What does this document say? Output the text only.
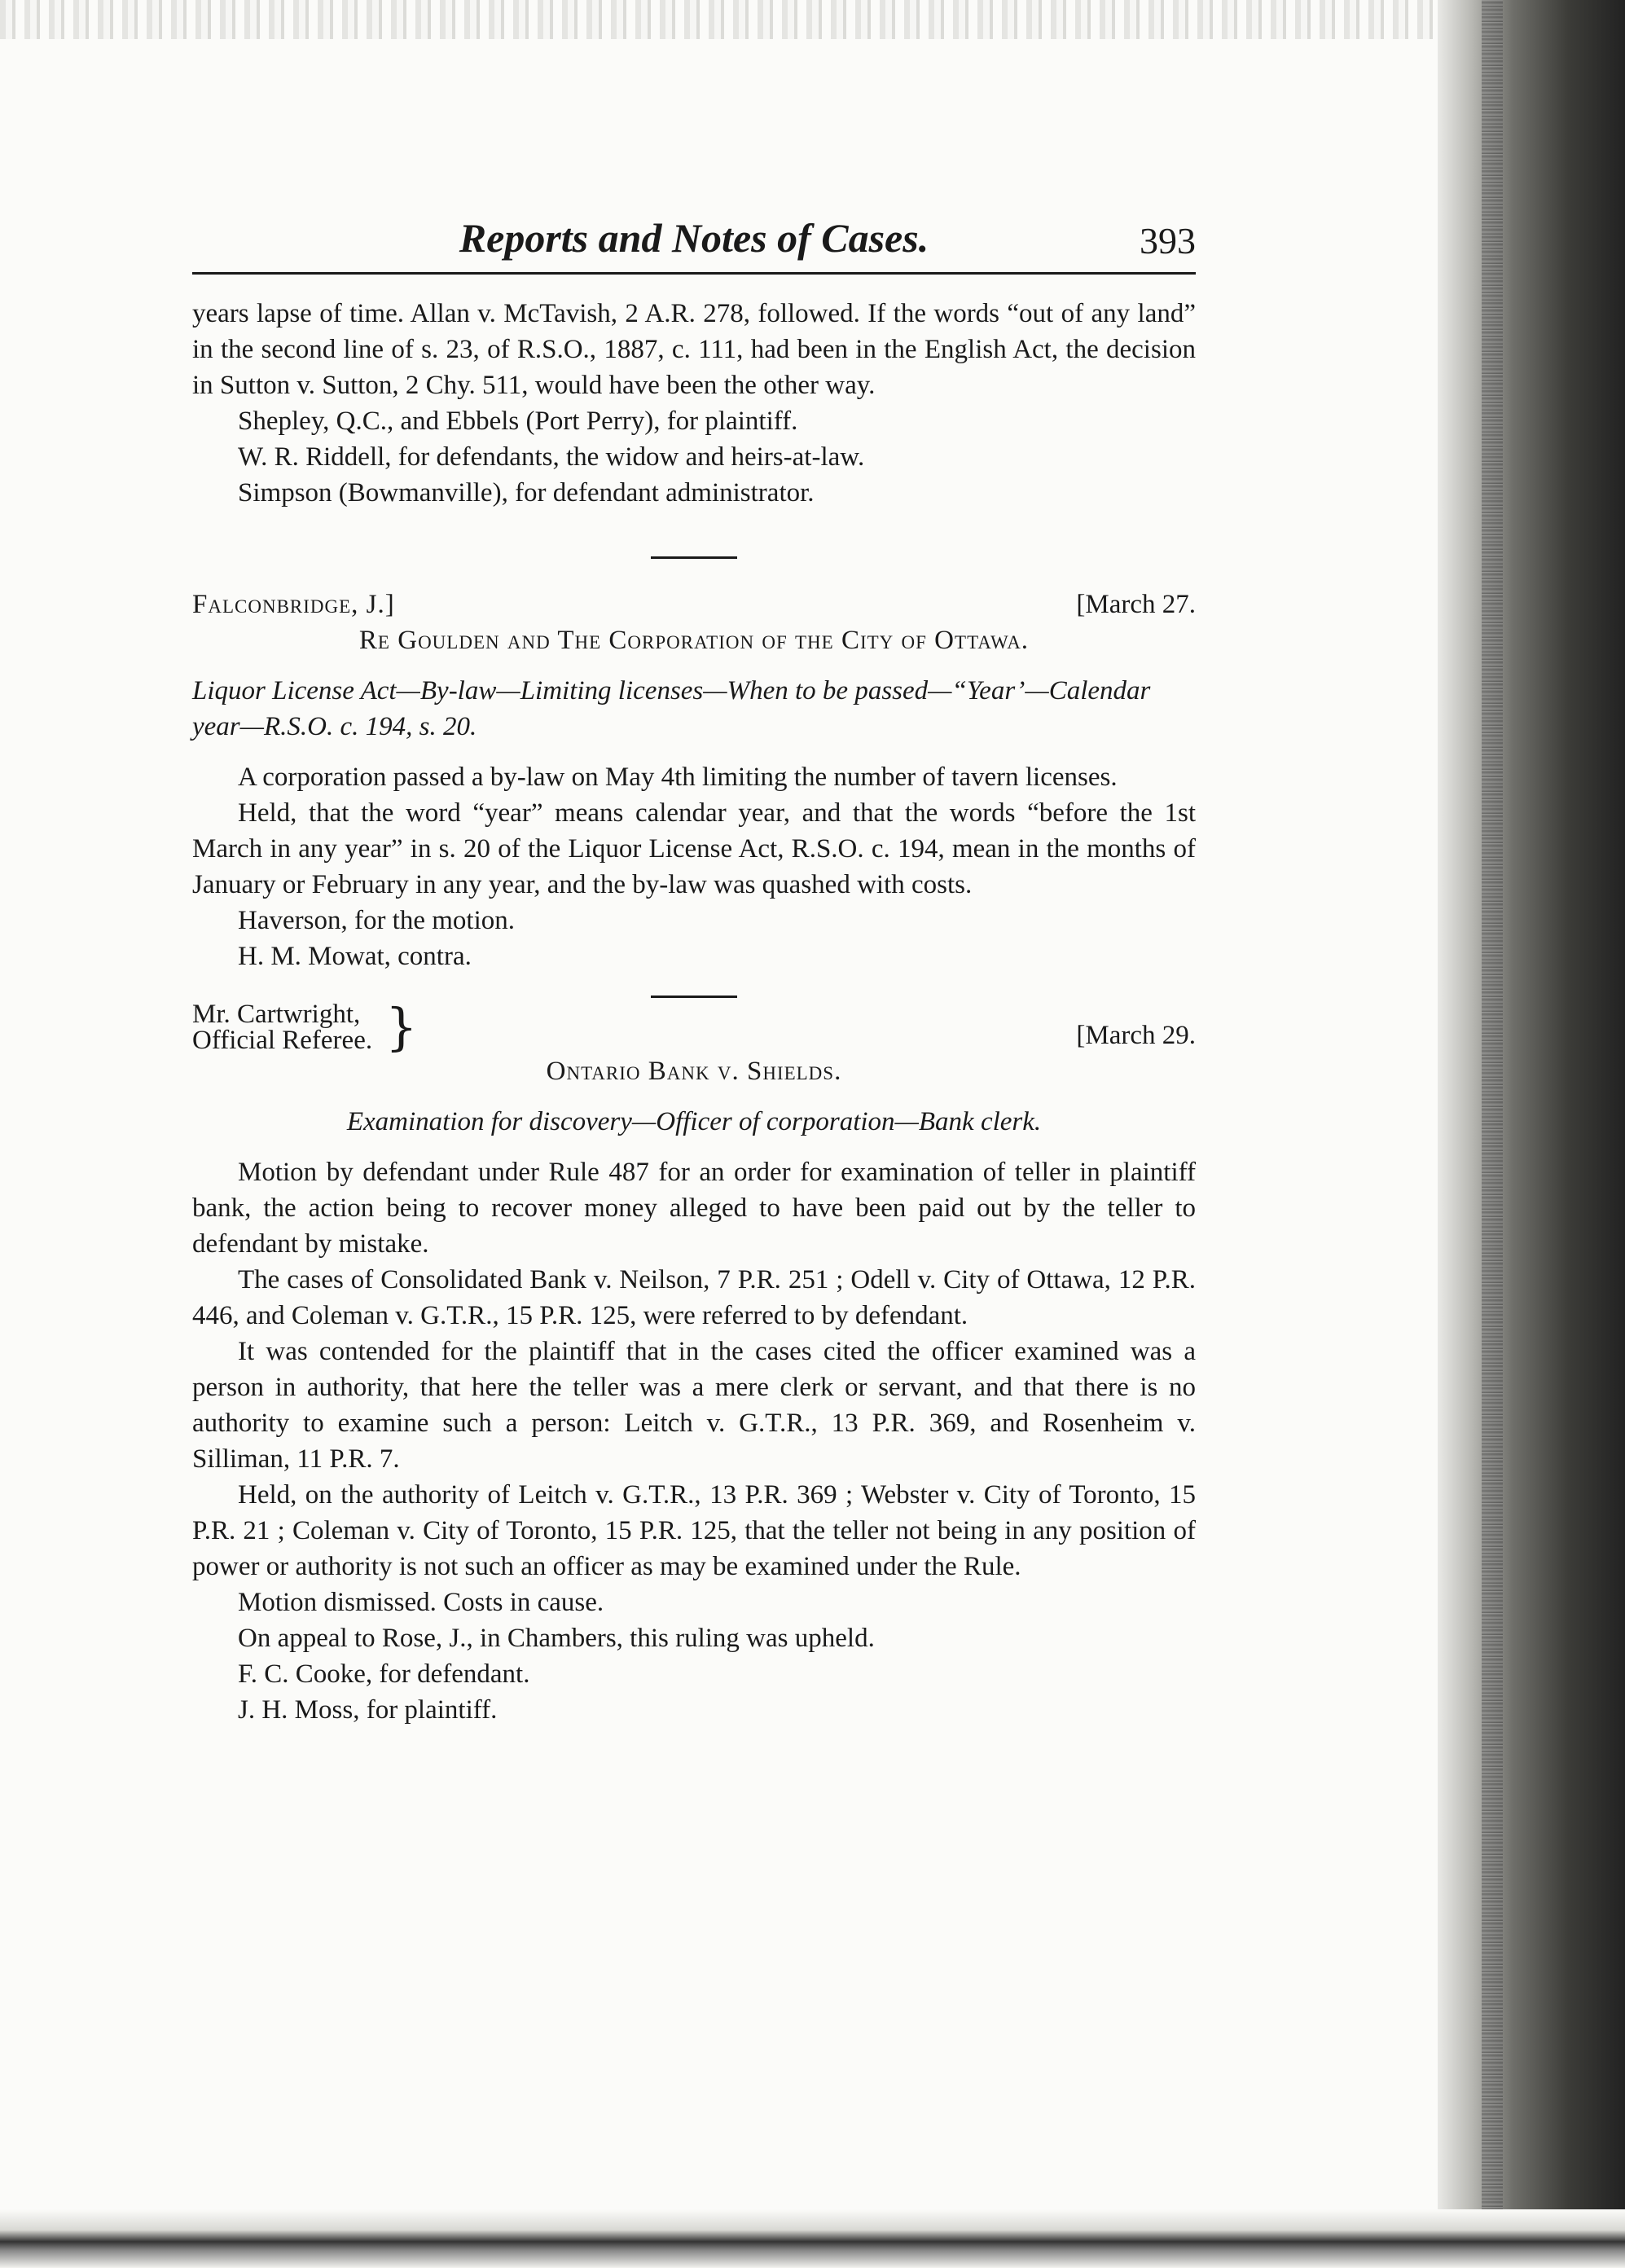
Reports and Notes of Cases.	393

years lapse of time. Allan v. McTavish, 2 A.R. 278, followed. If the words “out of any land” in the second line of s. 23, of R.S.O., 1887, c. 111, had been in the English Act, the decision in Sutton v. Sutton, 2 Chy. 511, would have been the other way.

Shepley, Q.C., and Ebbels (Port Perry), for plaintiff.

W. R. Riddell, for defendants, the widow and heirs-at-law.

Simpson (Bowmanville), for defendant administrator.

Falconbridge, J.]	[March 27.

Re Goulden and The Corporation of the City of Ottawa.

Liquor License Act—By-law—Limiting licenses—When to be passed—“Year’—Calendar year—R.S.O. c. 194, s. 20.

A corporation passed a by-law on May 4th limiting the number of tavern licenses.

Held, that the word “year” means calendar year, and that the words “before the 1st March in any year” in s. 20 of the Liquor License Act, R.S.O. c. 194, mean in the months of January or February in any year, and the by-law was quashed with costs.

Haverson, for the motion.

H. M. Mowat, contra.

Mr. Cartwright,
Official Referee. }	[March 29.

Ontario Bank v. Shields.

Examination for discovery—Officer of corporation—Bank clerk.

Motion by defendant under Rule 487 for an order for examination of teller in plaintiff bank, the action being to recover money alleged to have been paid out by the teller to defendant by mistake.

The cases of Consolidated Bank v. Neilson, 7 P.R. 251 ; Odell v. City of Ottawa, 12 P.R. 446, and Coleman v. G.T.R., 15 P.R. 125, were referred to by defendant.

It was contended for the plaintiff that in the cases cited the officer examined was a person in authority, that here the teller was a mere clerk or servant, and that there is no authority to examine such a person: Leitch v. G.T.R., 13 P.R. 369, and Rosenheim v. Silliman, 11 P.R. 7.

Held, on the authority of Leitch v. G.T.R., 13 P.R. 369 ; Webster v. City of Toronto, 15 P.R. 21 ; Coleman v. City of Toronto, 15 P.R. 125, that the teller not being in any position of power or authority is not such an officer as may be examined under the Rule.

Motion dismissed. Costs in cause.

On appeal to Rose, J., in Chambers, this ruling was upheld.

F. C. Cooke, for defendant.

J. H. Moss, for plaintiff.
